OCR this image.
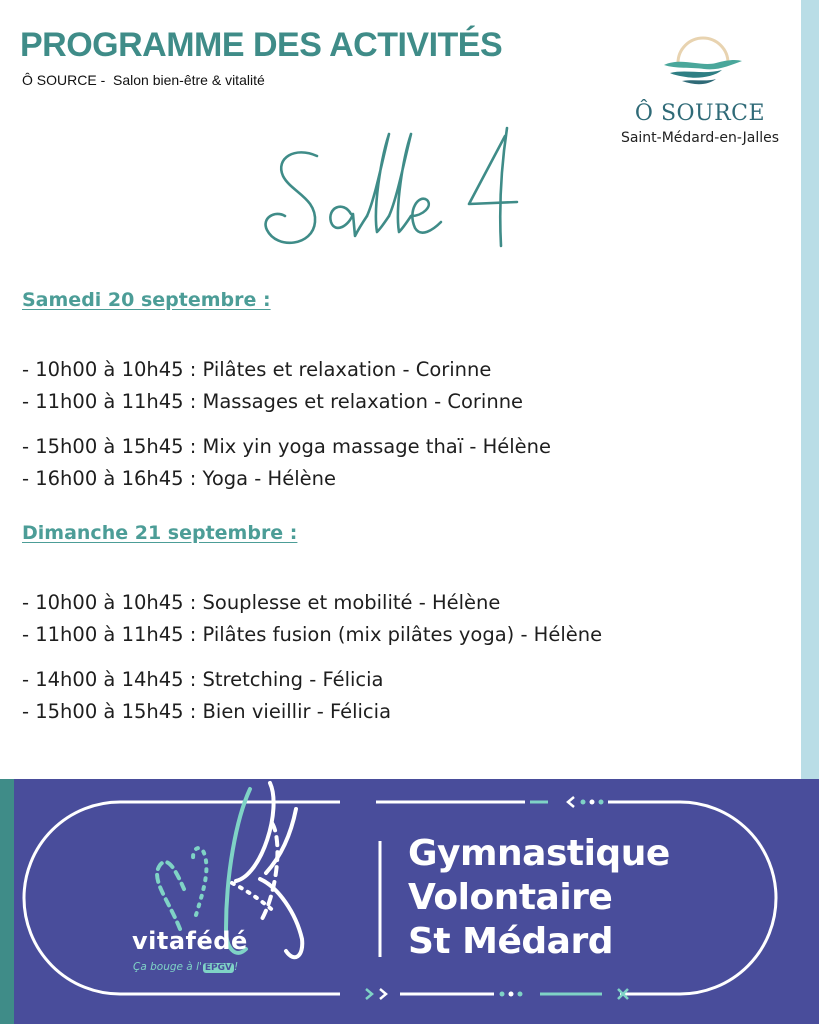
PROGRAMME DES ACTIVITÉS
Ô SOURCE -  Salon bien-être & vitalité
Ô SOURCE
Saint-Médard-en-Jalles
Samedi 20 septembre :
- 10h00 à 10h45 : Pilâtes et relaxation - Corinne
- 11h00 à 11h45 : Massages et relaxation - Corinne
- 15h00 à 15h45 : Mix yin yoga massage thaï - Hélène
- 16h00 à 16h45 : Yoga - Hélène
Dimanche 21 septembre :
- 10h00 à 10h45 : Souplesse et mobilité - Hélène
- 11h00 à 11h45 : Pilâtes fusion (mix pilâtes yoga) - Hélène
- 14h00 à 14h45 : Stretching - Félicia
- 15h00 à 15h45 : Bien vieillir - Félicia
vitafédé
Ça bouge à l' EPGV !
Gymnastique
Volontaire
St Médard
